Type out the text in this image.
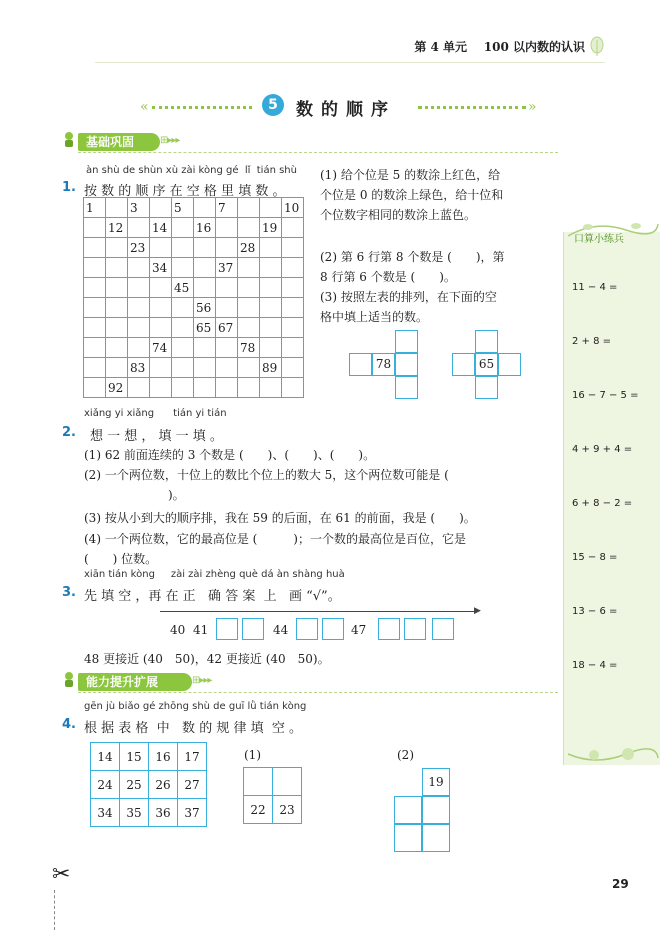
第 4 单元 100 以内数的认识
«	5	数的顺序	»
基础巩固	⊞▸▸▸
àn shù de shùn xù zài kòng gé  lǐ  tián shù
1. 按 数 的 顺 序 在 空 格 里 填 数 。
1		3		5		7			10
	12		14		16			19	
		23					28		
			34			37			
				45					
					56				
					65	67			
			74				78		
		83						89	
	92								
(1) 给个位是 5 的数涂上红色，给
个位是 0 的数涂上绿色，给十位和
个位数字相同的数涂上蓝色。
(2) 第 6 行第 8 个数是 (　　)，第
8 行第 6 个数是 (　　)。
(3) 按照左表的排列，在下面的空
格中填上适当的数。
78	65
xiǎng yi xiǎng      tián yi tián
2. 想 一 想 ， 填 一 填 。
(1) 62 前面连续的 3 个数是 (　　)、(　　)、(　　)。
(2) 一个两位数，十位上的数比个位上的数大 5，这个两位数可能是 (
　　　　　　　)。
(3) 按从小到大的顺序排，我在 59 的后面，在 61 的前面，我是 (　　)。
(4) 一个两位数，它的最高位是 (　　　)；一个数的最高位是百位，它是
(　　) 位数。
xiān tián kòng     zài zài zhèng què dá àn shàng huà
3. 先 填 空 ，再 在 正   确 答 案  上   画 “√”。
▶
40 41	44	47
48 更接近 (40　50)，42 更接近 (40　50)。
能力提升扩展	⊞▸▸▸
gēn jù biǎo gé zhōng shù de guī lǜ tián kòng
4. 根 据 表 格  中   数 的 规 律 填  空 。
14	15	16	17
24	25	26	27
34	35	36	37
(1)

22	23
(2)
19
口算小练兵
11 − 4 =
2 + 8 =
16 − 7 − 5 =
4 + 9 + 4 =
6 + 8 − 2 =
15 − 8 =
13 − 6 =
18 − 4 =
✂	29
